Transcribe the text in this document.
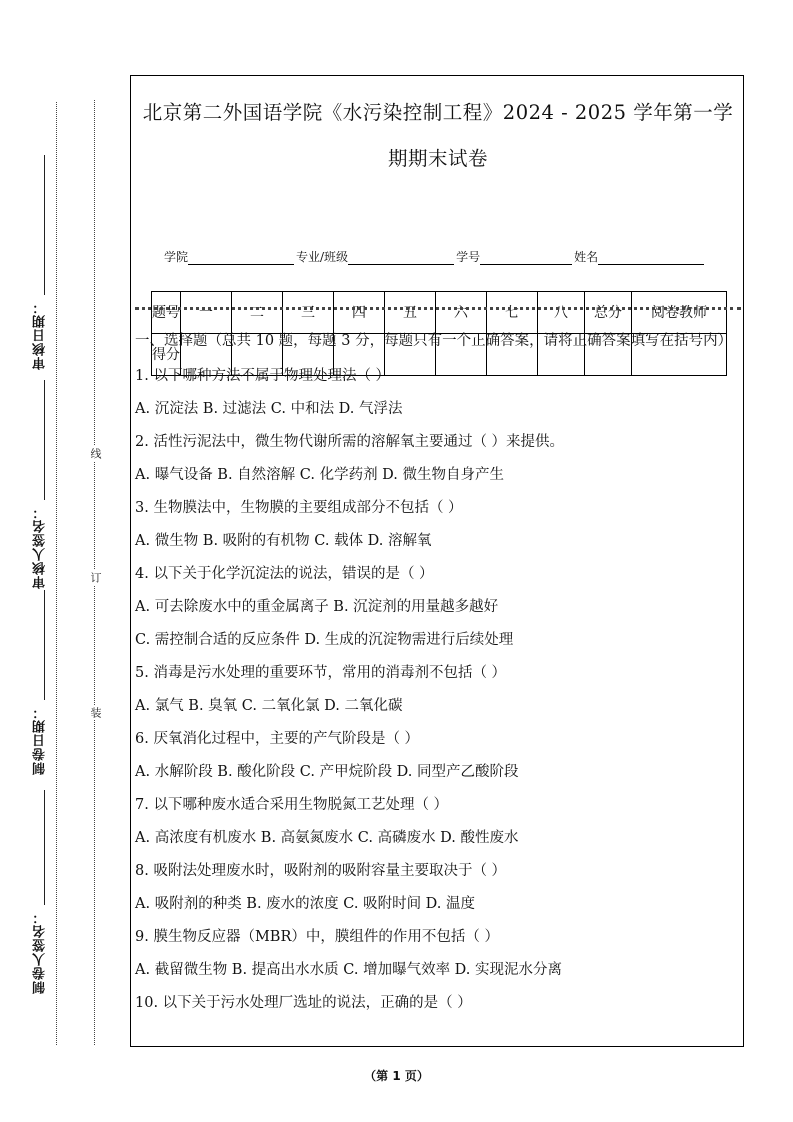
审核日期：
审核人签名：
制卷日期：
制卷人签名：
线
订
装
北京第二外国语学院《水污染控制工程》2024 - 2025 学年第一学
期期末试卷
学院	专业/班级	学号	姓名
题号	一	二	三	四	五	六	七	八	总分	阅卷教师
得分										
一、选择题（总共 10 题，每题 3 分，每题只有一个正确答案，请将正确答案填写在括号内）
1. 以下哪种方法不属于物理处理法（ ）
A. 沉淀法 B. 过滤法 C. 中和法 D. 气浮法
2. 活性污泥法中，微生物代谢所需的溶解氧主要通过（ ）来提供。
A. 曝气设备 B. 自然溶解 C. 化学药剂 D. 微生物自身产生
3. 生物膜法中，生物膜的主要组成部分不包括（ ）
A. 微生物 B. 吸附的有机物 C. 载体 D. 溶解氧
4. 以下关于化学沉淀法的说法，错误的是（ ）
A. 可去除废水中的重金属离子 B. 沉淀剂的用量越多越好
C. 需控制合适的反应条件 D. 生成的沉淀物需进行后续处理
5. 消毒是污水处理的重要环节，常用的消毒剂不包括（ ）
A. 氯气 B. 臭氧 C. 二氧化氯 D. 二氧化碳
6. 厌氧消化过程中，主要的产气阶段是（ ）
A. 水解阶段 B. 酸化阶段 C. 产甲烷阶段 D. 同型产乙酸阶段
7. 以下哪种废水适合采用生物脱氮工艺处理（ ）
A. 高浓度有机废水 B. 高氨氮废水 C. 高磷废水 D. 酸性废水
8. 吸附法处理废水时，吸附剂的吸附容量主要取决于（ ）
A. 吸附剂的种类 B. 废水的浓度 C. 吸附时间 D. 温度
9. 膜生物反应器（MBR）中，膜组件的作用不包括（ ）
A. 截留微生物 B. 提高出水水质 C. 增加曝气效率 D. 实现泥水分离
10. 以下关于污水处理厂选址的说法，正确的是（ ）
（第 1 页）
